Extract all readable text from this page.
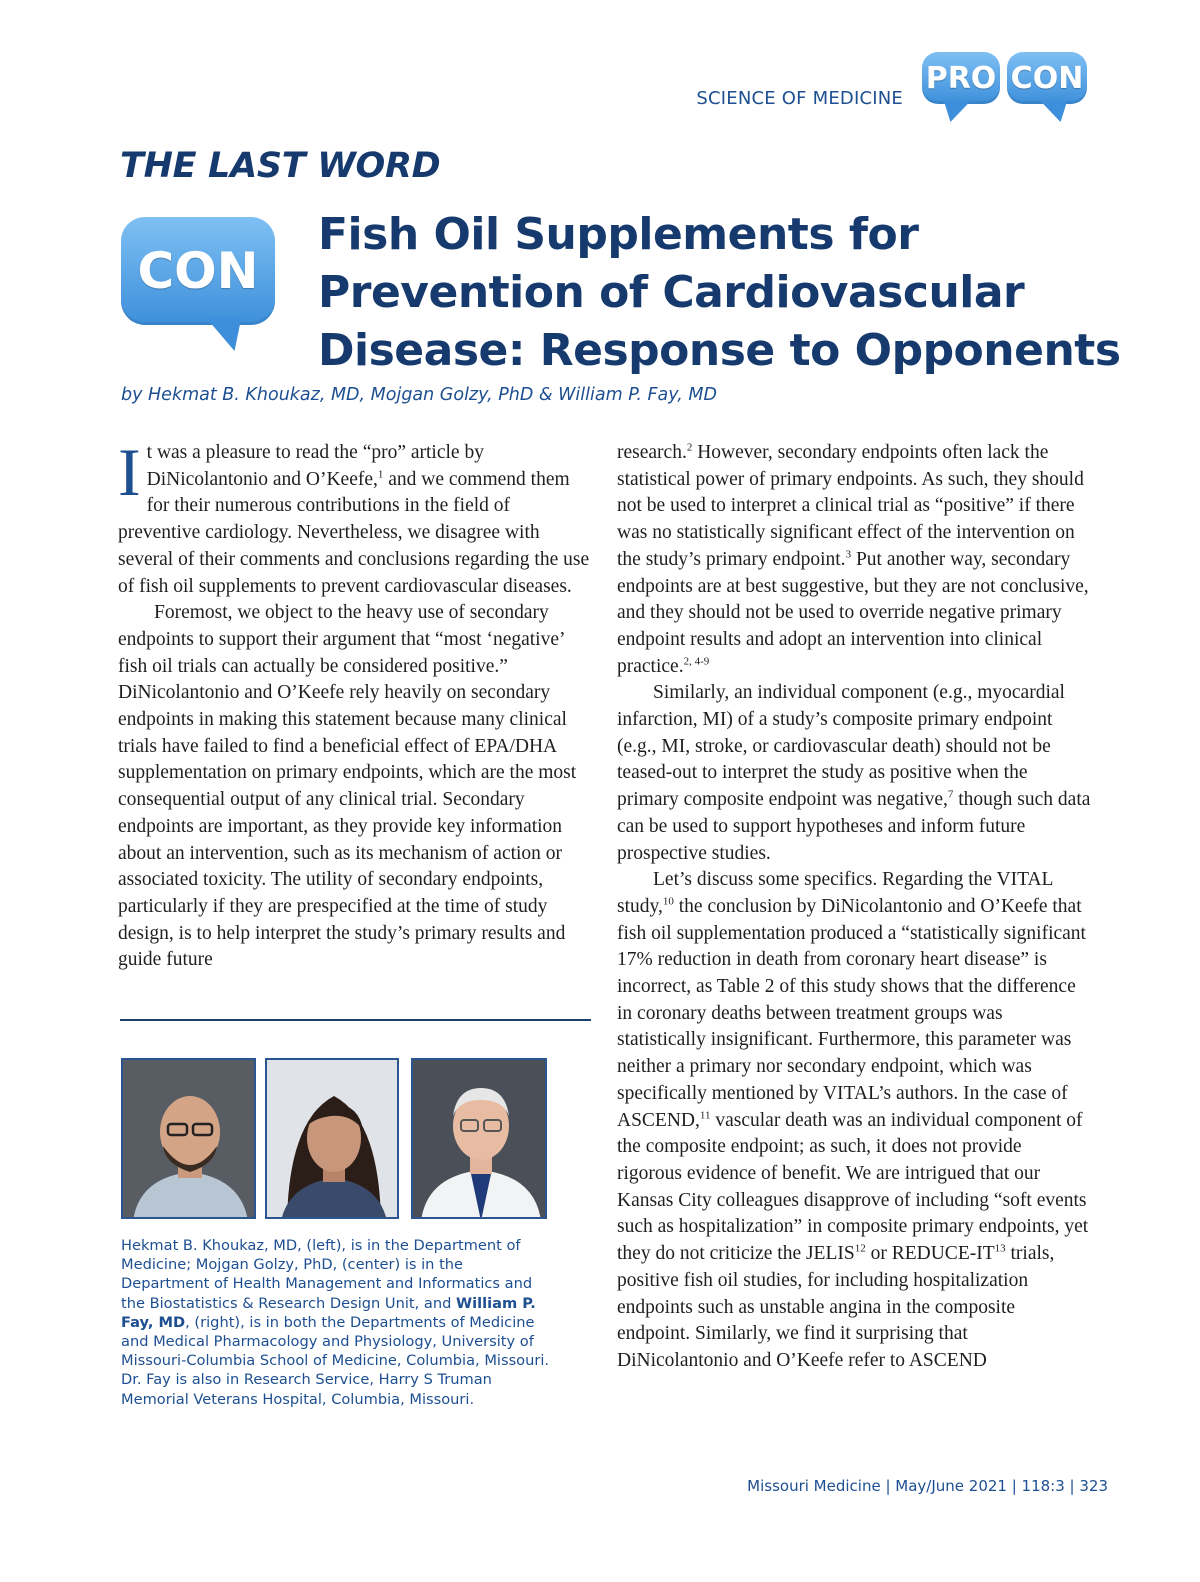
SCIENCE OF MEDICINE
PRO CON
THE LAST WORD
CON
Fish Oil Supplements for Prevention of Cardiovascular Disease: Response to Opponents
by Hekmat B. Khoukaz, MD, Mojgan Golzy, PhD & William P. Fay, MD

It was a pleasure to read the “pro” article by DiNicolantonio and O’Keefe,$^1$ and we commend them for their numerous contributions in the field of preventive cardiology. Nevertheless, we disagree with several of their comments and conclusions regarding the use of fish oil supplements to prevent cardiovascular diseases.

Foremost, we object to the heavy use of secondary endpoints to support their argument that “most ‘negative’ fish oil trials can actually be considered positive.” DiNicolantonio and O’Keefe rely heavily on secondary endpoints in making this statement because many clinical trials have failed to find a beneficial effect of EPA/DHA supplementation on primary endpoints, which are the most consequential output of any clinical trial. Secondary endpoints are important, as they provide key information about an intervention, such as its mechanism of action or associated toxicity. The utility of secondary endpoints, particularly if they are prespecified at the time of study design, is to help interpret the study’s primary results and guide future

Hekmat B. Khoukaz, MD, (left), is in the Department of Medicine; Mojgan Golzy, PhD, (center) is in the Department of Health Management and Informatics and the Biostatistics & Research Design Unit, and William P. Fay, MD, (right), is in both the Departments of Medicine and Medical Pharmacology and Physiology, University of Missouri-Columbia School of Medicine, Columbia, Missouri. Dr. Fay is also in Research Service, Harry S Truman Memorial Veterans Hospital, Columbia, Missouri.

research.$^2$ However, secondary endpoints often lack the statistical power of primary endpoints. As such, they should not be used to interpret a clinical trial as “positive” if there was no statistically significant effect of the intervention on the study’s primary endpoint.$^3$ Put another way, secondary endpoints are at best suggestive, but they are not conclusive, and they should not be used to override negative primary endpoint results and adopt an intervention into clinical practice.$^{2, 4-9}$

Similarly, an individual component (e.g., myocardial infarction, MI) of a study’s composite primary endpoint (e.g., MI, stroke, or cardiovascular death) should not be teased-out to interpret the study as positive when the primary composite endpoint was negative,$^7$ though such data can be used to support hypotheses and inform future prospective studies.

Let’s discuss some specifics. Regarding the VITAL study,$^{10}$ the conclusion by DiNicolantonio and O’Keefe that fish oil supplementation produced a “statistically significant 17% reduction in death from coronary heart disease” is incorrect, as Table 2 of this study shows that the difference in coronary deaths between treatment groups was statistically insignificant. Furthermore, this parameter was neither a primary nor secondary endpoint, which was specifically mentioned by VITAL’s authors. In the case of ASCEND,$^{11}$ vascular death was an individual component of the composite endpoint; as such, it does not provide rigorous evidence of benefit. We are intrigued that our Kansas City colleagues disapprove of including “soft events such as hospitalization” in composite primary endpoints, yet they do not criticize the JELIS$^{12}$ or REDUCE-IT$^{13}$ trials, positive fish oil studies, for including hospitalization endpoints such as unstable angina in the composite endpoint. Similarly, we find it surprising that DiNicolantonio and O’Keefe refer to ASCEND

Missouri Medicine | May/June 2021 | 118:3 | 323
